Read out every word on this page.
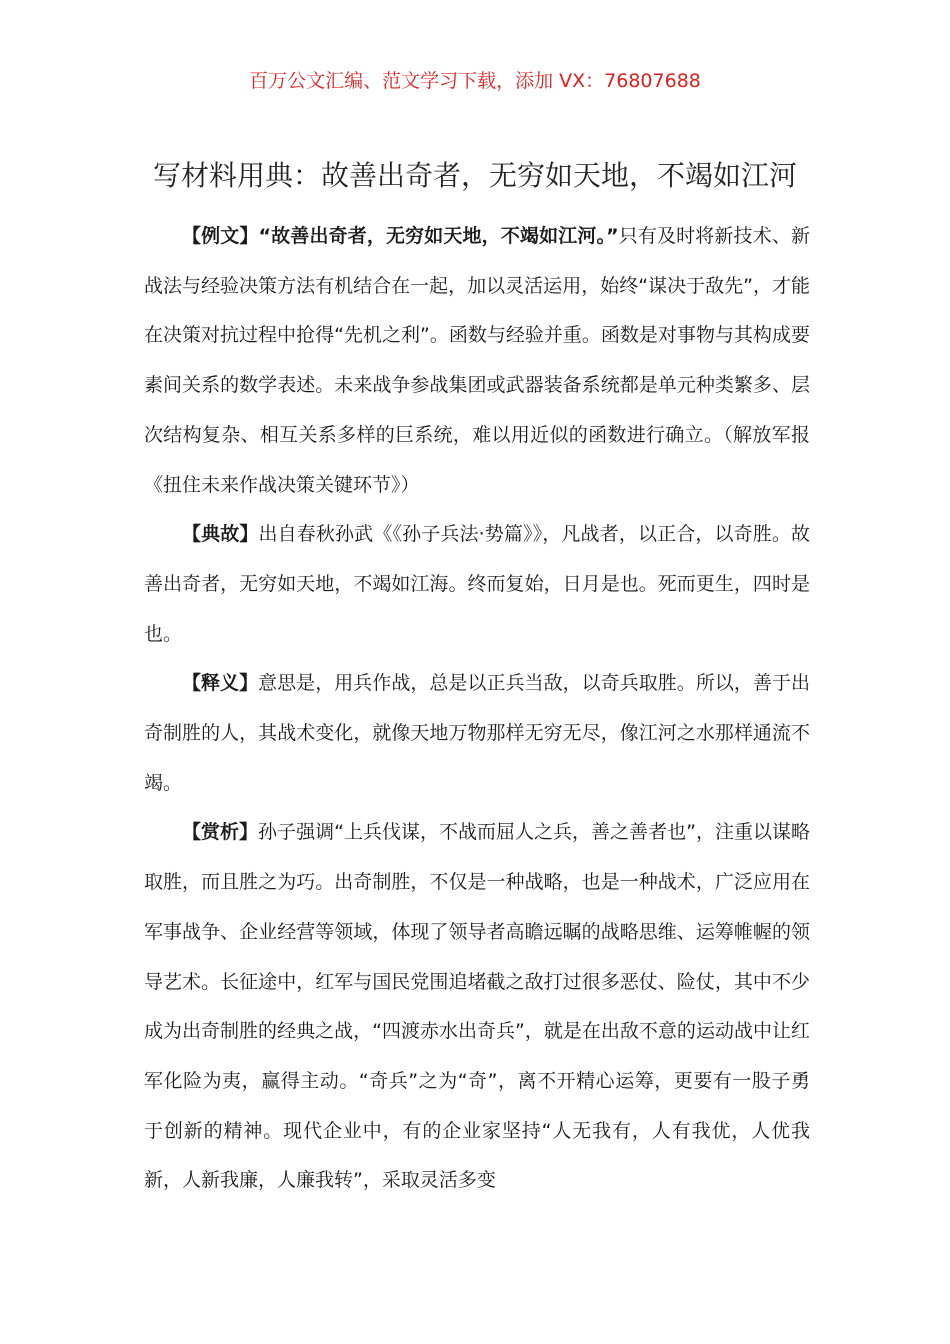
百万公文汇编、范文学习下载，添加 VX：76807688
写材料用典：故善出奇者，无穷如天地，不竭如江河

【例文】“故善出奇者，无穷如天地，不竭如江河。”只有及时将新技术、新战法与经验决策方法有机结合在一起，加以灵活运用，始终“谋决于敌先”，才能在决策对抗过程中抢得“先机之利”。函数与经验并重。函数是对事物与其构成要素间关系的数学表述。未来战争参战集团或武器装备系统都是单元种类繁多、层次结构复杂、相互关系多样的巨系统，难以用近似的函数进行确立。（解放军报《扭住未来作战决策关键环节》）

【典故】出自春秋孙武《《孙子兵法·势篇》》，凡战者，以正合，以奇胜。故善出奇者，无穷如天地，不竭如江海。终而复始，日月是也。死而更生，四时是也。

【释义】意思是，用兵作战，总是以正兵当敌，以奇兵取胜。所以，善于出奇制胜的人，其战术变化，就像天地万物那样无穷无尽，像江河之水那样通流不竭。

【赏析】孙子强调“上兵伐谋，不战而屈人之兵，善之善者也”，注重以谋略取胜，而且胜之为巧。出奇制胜，不仅是一种战略，也是一种战术，广泛应用在军事战争、企业经营等领域，体现了领导者高瞻远瞩的战略思维、运筹帷幄的领导艺术。长征途中，红军与国民党围追堵截之敌打过很多恶仗、险仗，其中不少成为出奇制胜的经典之战，“四渡赤水出奇兵”，就是在出敌不意的运动战中让红军化险为夷，赢得主动。“奇兵”之为“奇”，离不开精心运筹，更要有一股子勇于创新的精神。现代企业中，有的企业家坚持“人无我有，人有我优，人优我新，人新我廉，人廉我转”，采取灵活多变
